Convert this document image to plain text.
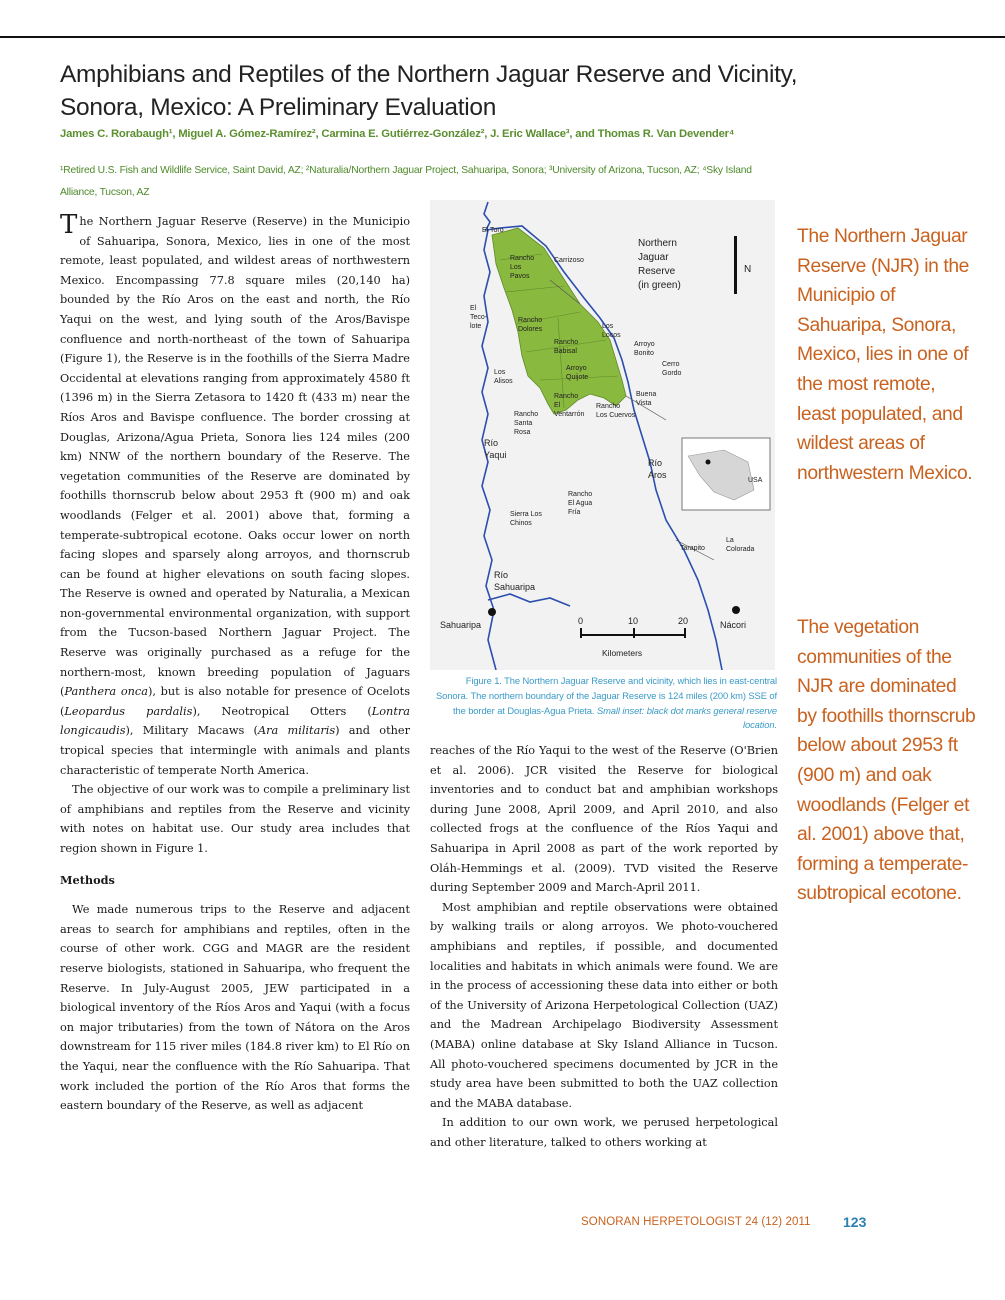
Amphibians and Reptiles of the Northern Jaguar Reserve and Vicinity, Sonora, Mexico: A Preliminary Evaluation
James C. Rorabaugh¹, Miguel A. Gómez-Ramírez², Carmina E. Gutiérrez-González², J. Eric Wallace³, and Thomas R. Van Devender⁴
¹Retired U.S. Fish and Wildlife Service, Saint David, AZ; ²Naturalia/Northern Jaguar Project, Sahuaripa, Sonora; ³University of Arizona, Tucson, AZ; ⁴Sky Island Alliance, Tucson, AZ

The Northern Jaguar Reserve (Reserve) in the Municipio of Sahuaripa, Sonora, Mexico, lies in one of the most remote, least populated, and wildest areas of northwestern Mexico. Encompassing 77.8 square miles (20,140 ha) bounded by the Río Aros on the east and north, the Río Yaqui on the west, and lying south of the Aros/Bavispe confluence and north-northeast of the town of Sahuaripa (Figure 1), the Reserve is in the foothills of the Sierra Madre Occidental at elevations ranging from approximately 4580 ft (1396 m) in the Sierra Zetasora to 1420 ft (433 m) near the Ríos Aros and Bavispe confluence. The border crossing at Douglas, Arizona/Agua Prieta, Sonora lies 124 miles (200 km) NNW of the northern boundary of the Reserve. The vegetation communities of the Reserve are dominated by foothills thornscrub below about 2953 ft (900 m) and oak woodlands (Felger et al. 2001) above that, forming a temperate-subtropical ecotone. Oaks occur lower on north facing slopes and sparsely along arroyos, and thornscrub can be found at higher elevations on south facing slopes. The Reserve is owned and operated by Naturalia, a Mexican non-governmental environmental organization, with support from the Tucson-based Northern Jaguar Project. The Reserve was originally purchased as a refuge for the northern-most, known breeding population of Jaguars (Panthera onca), but is also notable for presence of Ocelots (Leopardus pardalis), Neotropical Otters (Lontra longicaudis), Military Macaws (Ara militaris) and other tropical species that intermingle with animals and plants characteristic of temperate North America.

The objective of our work was to compile a preliminary list of amphibians and reptiles from the Reserve and vicinity with notes on habitat use. Our study area includes that region shown in Figure 1.

Methods

We made numerous trips to the Reserve and adjacent areas to search for amphibians and reptiles, often in the course of other work. CGG and MAGR are the resident reserve biologists, stationed in Sahuaripa, who frequent the Reserve. In July-August 2005, JEW participated in a biological inventory of the Ríos Aros and Yaqui (with a focus on major tributaries) from the town of Nátora on the Aros downstream for 115 river miles (184.8 river km) to El Río on the Yaqui, near the confluence with the Río Sahuaripa. That work included the portion of the Río Aros that forms the eastern boundary of the Reserve, as well as adjacent

Northern
Jaguar
Reserve
(in green)
N
USA
0	10	20
Kilometers
El Toro
Carrizoso
Rancho
Los
Pavos
El
Teco-
lote
Rancho
Dolores	Los
Locos
Arroyo
Bonito
Rancho
Babisal
Arroyo
Quijote
Cerro
Gordo
Los
Alisos
Buena
Vista
Rancho
El
Ventarrón
Rancho
Los Cuervos
Rancho
Santa
Rosa
Rancho
El Agua
Fría
Sierra Los
Chinos
Tarapito
La
Colorada
Río
Yaqui
Río
Aros
Río
Sahuaripa
Sahuaripa	Nácori
Figure 1. The Northern Jaguar Reserve and vicinity, which lies in east-central Sonora. The northern boundary of the Jaguar Reserve is 124 miles (200 km) SSE of the border at Douglas-Agua Prieta. Small inset: black dot marks general reserve location.

reaches of the Río Yaqui to the west of the Reserve (O'Brien et al. 2006). JCR visited the Reserve for biological inventories and to conduct bat and amphibian workshops during June 2008, April 2009, and April 2010, and also collected frogs at the confluence of the Ríos Yaqui and Sahuaripa in April 2008 as part of the work reported by Oláh-Hemmings et al. (2009). TVD visited the Reserve during September 2009 and March-April 2011.

Most amphibian and reptile observations were obtained by walking trails or along arroyos. We photo-vouchered amphibians and reptiles, if possible, and documented localities and habitats in which animals were found. We are in the process of accessioning these data into either or both of the University of Arizona Herpetological Collection (UAZ) and the Madrean Archipelago Biodiversity Assessment (MABA) online database at Sky Island Alliance in Tucson. All photo-vouchered specimens documented by JCR in the study area have been submitted to both the UAZ collection and the MABA database.

In addition to our own work, we perused herpetological and other literature, talked to others working at

The Northern Jaguar Reserve (NJR) in the Municipio of Sahuaripa, Sonora, Mexico, lies in one of the most remote, least populated, and wildest areas of northwestern Mexico.
The vegetation communities of the NJR are dominated by foothills thornscrub below about 2953 ft (900 m) and oak woodlands (Felger et al. 2001) above that, forming a temperate-subtropical ecotone.
SONORAN HERPETOLOGIST 24 (12) 2011 123
